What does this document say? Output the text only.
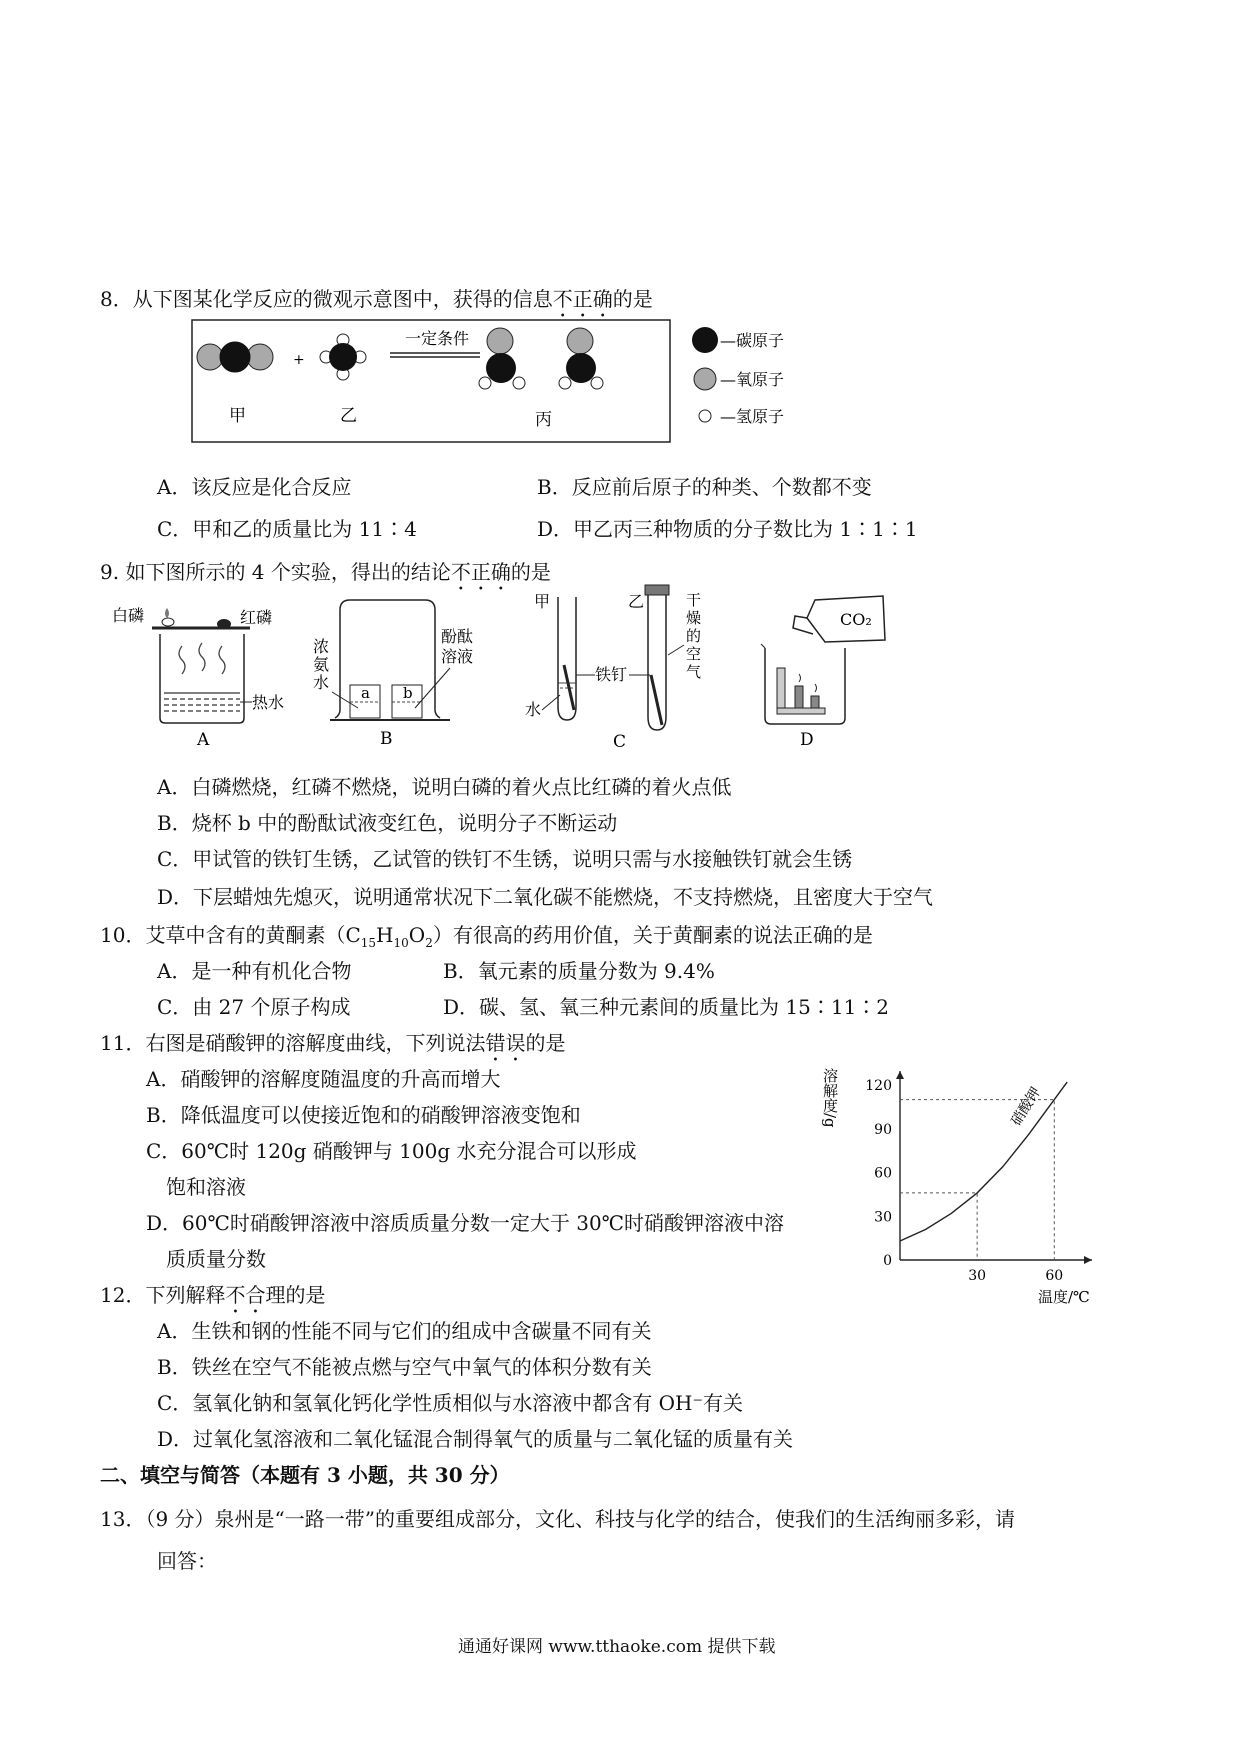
8．从下图某化学反应的微观示意图中，获得的信息不正确的是
+
一定条件
甲	乙	丙
—碳原子
—氧原子
—氢原子
A．该反应是化合反应	B．反应前后原子的种类、个数都不变
C．甲和乙的质量比为 11∶4	D．甲乙丙三种物质的分子数比为 1∶1∶1
9. 如下图所示的 4 个实验，得出的结论不正确的是
白磷	红磷
热水
A
a b
浓
氨
水
酚酞
溶液
B
甲
水
乙
铁钉
干
燥
的
空
气
C
CO₂
D
A．白磷燃烧，红磷不燃烧，说明白磷的着火点比红磷的着火点低
B．烧杯 b 中的酚酞试液变红色，说明分子不断运动
C．甲试管的铁钉生锈，乙试管的铁钉不生锈，说明只需与水接触铁钉就会生锈
D．下层蜡烛先熄灭，说明通常状况下二氧化碳不能燃烧，不支持燃烧，且密度大于空气
10．艾草中含有的黄酮素$(C_{15}H_{10}O_2)$有很高的药用价值，关于黄酮素的说法正确的是
A．是一种有机化合物	B．氧元素的质量分数为 9.4%
C．由 27 个原子构成	D．碳、氢、氧三种元素间的质量比为 15∶11∶2
11．右图是硝酸钾的溶解度曲线，下列说法错误的是
A．硝酸钾的溶解度随温度的升高而增大
B．降低温度可以使接近饱和的硝酸钾溶液变饱和
C．60℃时 120g 硝酸钾与 100g 水充分混合可以形成
饱和溶液
D．60℃时硝酸钾溶液中溶质质量分数一定大于 30℃时硝酸钾溶液中溶
质质量分数
溶解度/g
温度/℃
0
30
60
90
120
30	60
硝酸钾
12．下列解释不合理的是
A．生铁和钢的性能不同与它们的组成中含碳量不同有关
B．铁丝在空气不能被点燃与空气中氧气的体积分数有关
C．氢氧化钠和氢氧化钙化学性质相似与水溶液中都含有 OH⁻有关
D．过氧化氢溶液和二氧化锰混合制得氧气的质量与二氧化锰的质量有关
二、填空与简答（本题有 3 小题，共 30 分）
13．（9 分）泉州是“一路一带”的重要组成部分，文化、科技与化学的结合，使我们的生活绚丽多彩，请
回答：
通通好课网 www.tthaoke.com 提供下载
